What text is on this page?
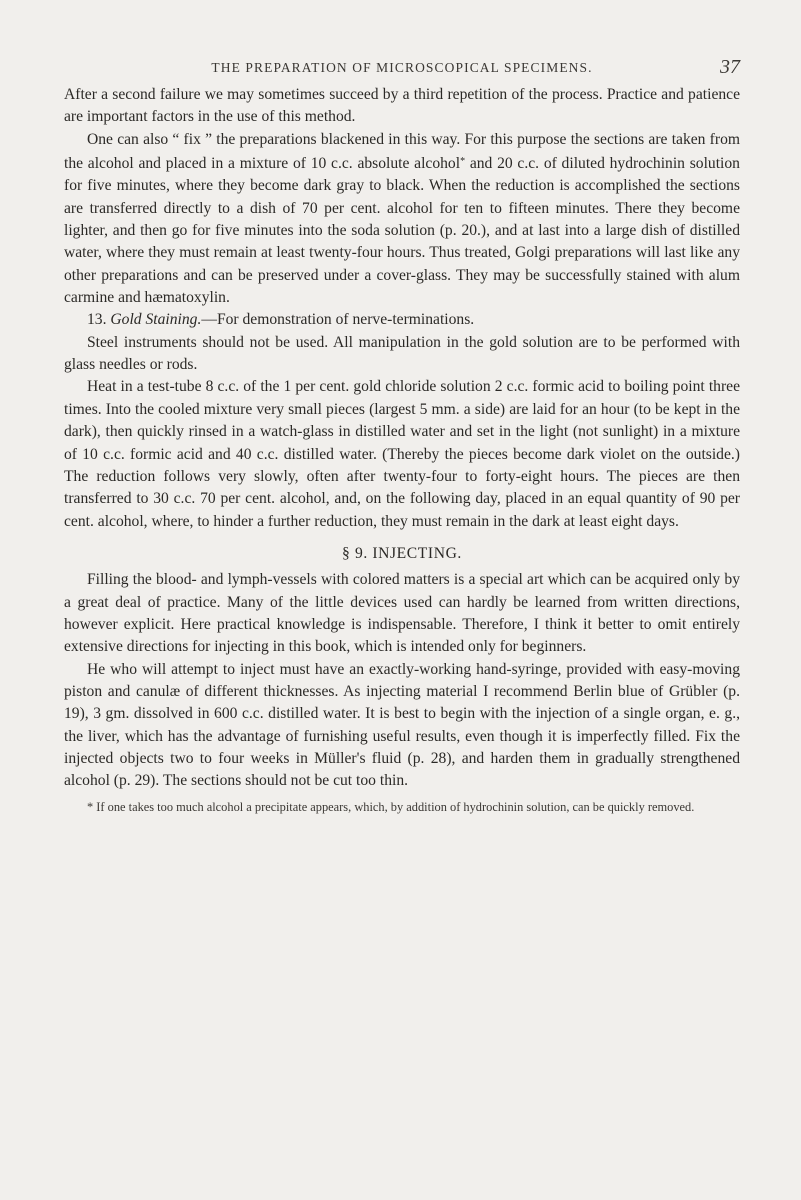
THE PREPARATION OF MICROSCOPICAL SPECIMENS.	37

After a second failure we may sometimes succeed by a third repetition of the process. Practice and patience are important factors in the use of this method.

One can also “ fix ” the preparations blackened in this way. For this purpose the sections are taken from the alcohol and placed in a mixture of 10 c.c. absolute alcohol* and 20 c.c. of diluted hydrochinin solution for five minutes, where they become dark gray to black. When the reduction is accomplished the sections are transferred directly to a dish of 70 per cent. alcohol for ten to fifteen minutes. There they become lighter, and then go for five minutes into the soda solution (p. 20.), and at last into a large dish of distilled water, where they must remain at least twenty-four hours. Thus treated, Golgi preparations will last like any other preparations and can be preserved under a cover-glass. They may be successfully stained with alum carmine and hæmatoxylin.

13. Gold Staining.—For demonstration of nerve-terminations.

Steel instruments should not be used. All manipulation in the gold solution are to be performed with glass needles or rods.

Heat in a test-tube 8 c.c. of the 1 per cent. gold chloride solution 2 c.c. formic acid to boiling point three times. Into the cooled mixture very small pieces (largest 5 mm. a side) are laid for an hour (to be kept in the dark), then quickly rinsed in a watch-glass in distilled water and set in the light (not sunlight) in a mixture of 10 c.c. formic acid and 40 c.c. distilled water. (Thereby the pieces become dark violet on the outside.) The reduction follows very slowly, often after twenty-four to forty-eight hours. The pieces are then transferred to 30 c.c. 70 per cent. alcohol, and, on the following day, placed in an equal quantity of 90 per cent. alcohol, where, to hinder a further reduction, they must remain in the dark at least eight days.

§ 9. INJECTING.

Filling the blood- and lymph-vessels with colored matters is a special art which can be acquired only by a great deal of practice. Many of the little devices used can hardly be learned from written directions, however explicit. Here practical knowledge is indispensable. Therefore, I think it better to omit entirely extensive directions for injecting in this book, which is intended only for beginners.

He who will attempt to inject must have an exactly-working hand-syringe, provided with easy-moving piston and canulæ of different thicknesses. As injecting material I recommend Berlin blue of Grübler (p. 19), 3 gm. dissolved in 600 c.c. distilled water. It is best to begin with the injection of a single organ, e. g., the liver, which has the advantage of furnishing useful results, even though it is imperfectly filled. Fix the injected objects two to four weeks in Müller's fluid (p. 28), and harden them in gradually strengthened alcohol (p. 29). The sections should not be cut too thin.

* If one takes too much alcohol a precipitate appears, which, by addition of hydrochinin solution, can be quickly removed.
